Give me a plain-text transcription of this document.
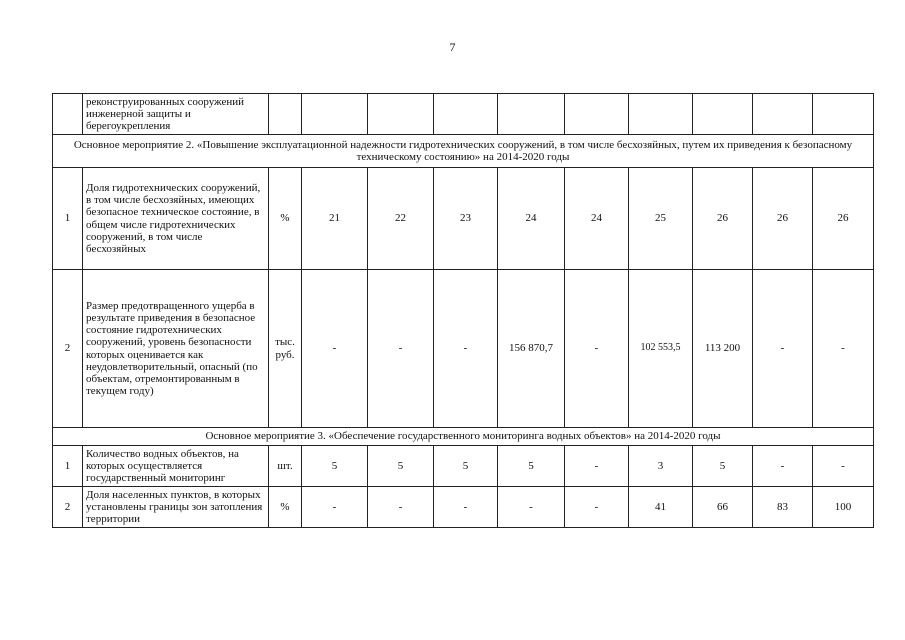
7
	реконструированных сооружений инженерной защиты и берегоукрепления										
Основное мероприятие 2. «Повышение эксплуатационной надежности гидротехнических сооружений, в том числе бесхозяйных, путем их приведения к безопасному техническому состоянию» на 2014-2020 годы											
1	Доля гидротехнических сооружений, в том числе бесхозяйных, имеющих безопасное техническое состояние, в общем числе гидротехнических сооружений, в том числе бесхозяйных	%	21	22	23	24	24	25	26	26	26
2	Размер предотвращенного ущерба в результате приведения в безопасное состояние гидротехнических сооружений, уровень безопасности которых оценивается как неудовлетворительный, опасный (по объектам, отремонтированным в текущем году)	тыс. руб.	-	-	-	156 870,7	-	102 553,5	113 200	-	-
Основное мероприятие 3. «Обеспечение государственного мониторинга водных объектов» на 2014-2020 годы											
1	Количество водных объектов, на которых осуществляется государственный мониторинг	шт.	5	5	5	5	-	3	5	-	-
2	Доля населенных пунктов, в которых установлены границы зон затопления территории	%	-	-	-	-	-	41	66	83	100
